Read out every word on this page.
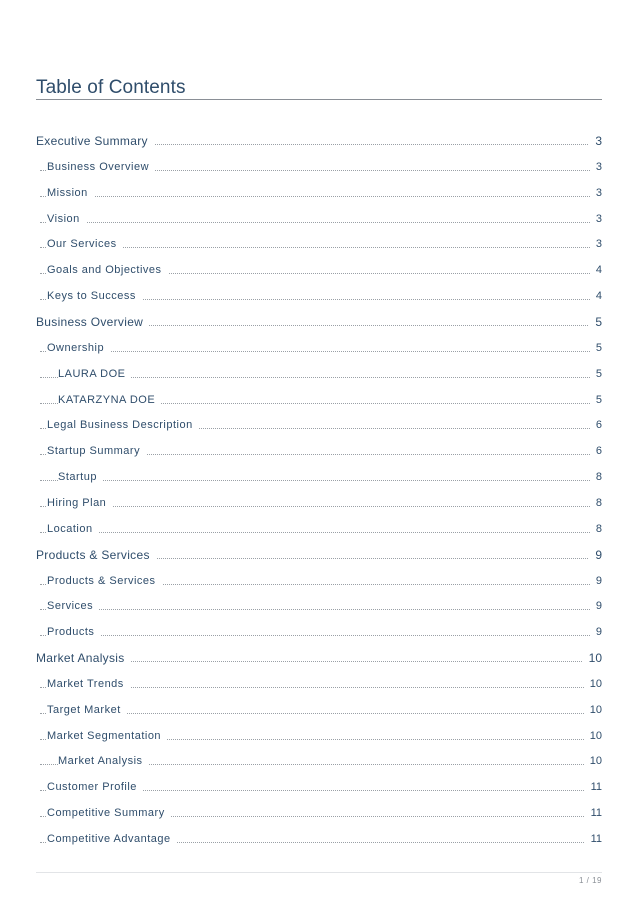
Table of Contents
Executive Summary	3
Business Overview	3
Mission	3
Vision	3
Our Services	3
Goals and Objectives	4
Keys to Success	4
Business Overview	5
Ownership	5
LAURA DOE	5
KATARZYNA DOE	5
Legal Business Description	6
Startup Summary	6
Startup	8
Hiring Plan	8
Location	8
Products & Services	9
Products & Services	9
Services	9
Products	9
Market Analysis	10
Market Trends	10
Target Market	10
Market Segmentation	10
Market Analysis	10
Customer Profile	11
Competitive Summary	11
Competitive Advantage	11
1 / 19
